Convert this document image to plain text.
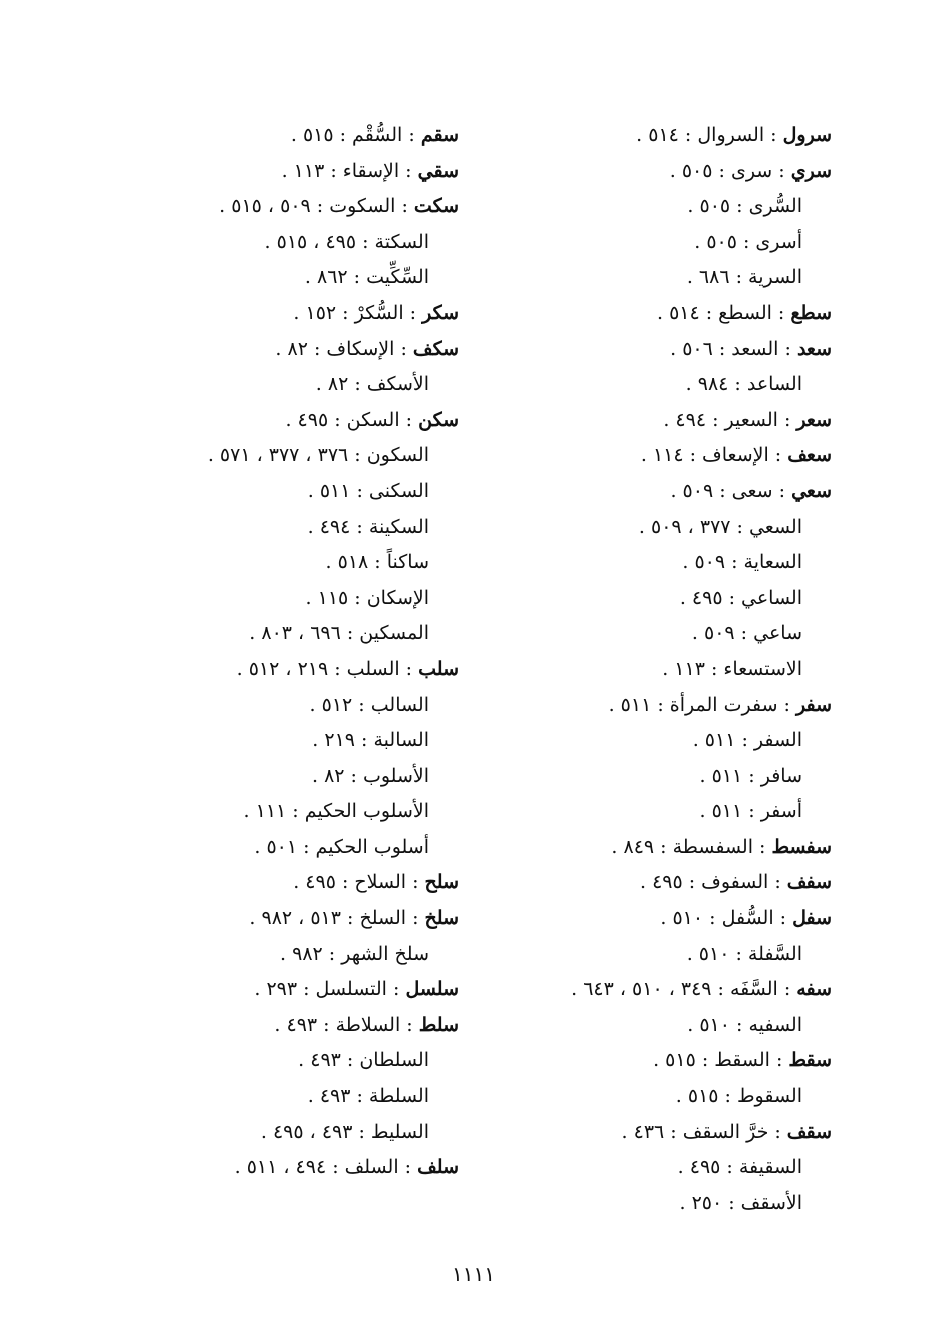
سرول : السروال : ٥١٤ .
سري : سرى : ٥٠٥ .
السُّرى : ٥٠٥ .
أسرى : ٥٠٥ .
السرية : ٦٨٦ .
سطع : السطع : ٥١٤ .
سعد : السعد : ٥٠٦ .
الساعد : ٩٨٤ .
سعر : السعير : ٤٩٤ .
سعف : الإسعاف : ١١٤ .
سعي : سعى : ٥٠٩ .
السعي : ٣٧٧ ، ٥٠٩ .
السعاية : ٥٠٩ .
الساعي : ٤٩٥ .
ساعي : ٥٠٩ .
الاستسعاء : ١١٣ .
سفر : سفرت المرأة : ٥١١ .
السفر : ٥١١ .
سافر : ٥١١ .
أسفر : ٥١١ .
سفسط : السفسطة : ٨٤٩ .
سفف : السفوف : ٤٩٥ .
سفل : السُّفل : ٥١٠ .
السَّفلة : ٥١٠ .
سفه : السَّفَه : ٣٤٩ ، ٥١٠ ، ٦٤٣ .
السفيه : ٥١٠ .
سقط : السقط : ٥١٥ .
السقوط : ٥١٥ .
سقف : خرَّ السقف : ٤٣٦ .
السقيفة : ٤٩٥ .
الأسقف : ٢٥٠ .
سقم : السُّقْم : ٥١٥ .
سقي : الإسقاء : ١١٣ .
سكت : السكوت : ٥٠٩ ، ٥١٥ .
السكتة : ٤٩٥ ، ٥١٥ .
السِّكِّيت : ٨٦٢ .
سكر : السُّكرْ : ١٥٢ .
سكف : الإسكاف : ٨٢ .
الأسكف : ٨٢ .
سكن : السكن : ٤٩٥ .
السكون : ٣٧٦ ، ٣٧٧ ، ٥٧١ .
السكنى : ٥١١ .
السكينة : ٤٩٤ .
ساكناً : ٥١٨ .
الإسكان : ١١٥ .
المسكين : ٦٩٦ ، ٨٠٣ .
سلب : السلب : ٢١٩ ، ٥١٢ .
السالب : ٥١٢ .
السالبة : ٢١٩ .
الأسلوب : ٨٢ .
الأسلوب الحكيم : ١١١ .
أسلوب الحكيم : ٥٠١ .
سلح : السلاح : ٤٩٥ .
سلخ : السلخ : ٥١٣ ، ٩٨٢ .
سلخ الشهر : ٩٨٢ .
سلسل : التسلسل : ٢٩٣ .
سلط : السلاطة : ٤٩٣ .
السلطان : ٤٩٣ .
السلطة : ٤٩٣ .
السليط : ٤٩٣ ، ٤٩٥ .
سلف : السلف : ٤٩٤ ، ٥١١ .
١١١١
